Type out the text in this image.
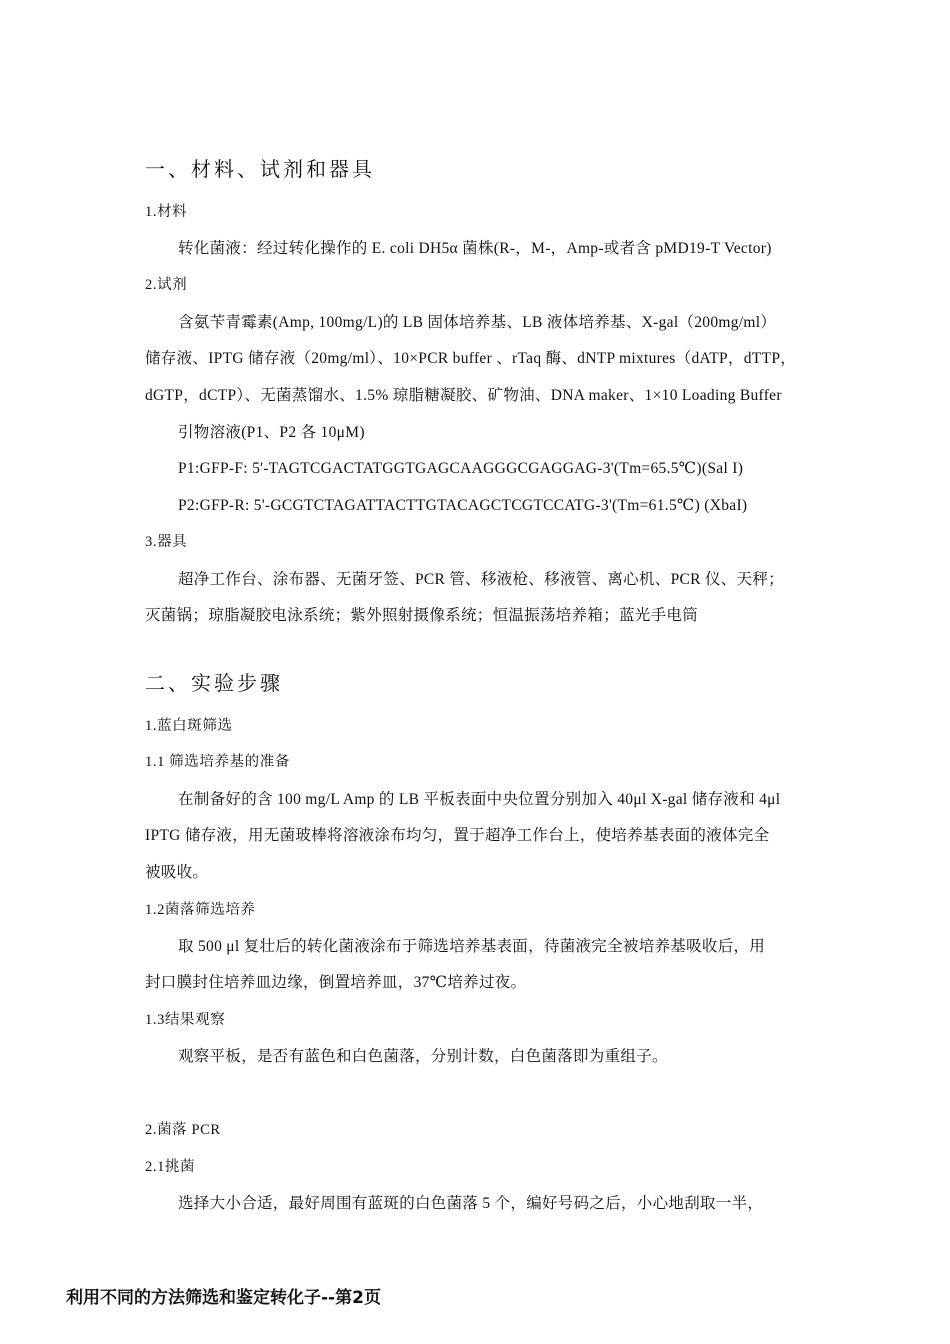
一、材料、试剂和器具
1.材料
转化菌液：经过转化操作的 E. coli DH5α 菌株(R-，M-，Amp-或者含 pMD19-T Vector)
2.试剂
含氨苄青霉素(Amp, 100mg/L)的 LB 固体培养基、LB 液体培养基、X-gal（200mg/ml）
储存液、IPTG 储存液（20mg/ml）、10×PCR buffer 、rTaq 酶、dNTP mixtures（dATP，dTTP，
dGTP，dCTP）、无菌蒸馏水、1.5% 琼脂糖凝胶、矿物油、DNA maker、1×10 Loading Buffer
引物溶液(P1、P2 各 10μM)
P1:GFP-F: 5'-TAGTCGACTATGGTGAGCAAGGGCGAGGAG-3'(Tm=65.5℃)(Sal I)
P2:GFP-R: 5'-GCGTCTAGATTACTTGTACAGCTCGTCCATG-3'(Tm=61.5℃) (XbaI)
3.器具
超净工作台、涂布器、无菌牙签、PCR 管、移液枪、移液管、离心机、PCR 仪、天秤；
灭菌锅；琼脂凝胶电泳系统；紫外照射摄像系统；恒温振荡培养箱；蓝光手电筒
二、实验步骤
1.蓝白斑筛选
1.1 筛选培养基的准备
在制备好的含 100 mg/L Amp 的 LB 平板表面中央位置分别加入 40μl X-gal 储存液和 4μl
IPTG 储存液，用无菌玻棒将溶液涂布均匀，置于超净工作台上，使培养基表面的液体完全
被吸收。
1.2菌落筛选培养
取 500 μl 复壮后的转化菌液涂布于筛选培养基表面，待菌液完全被培养基吸收后，用
封口膜封住培养皿边缘，倒置培养皿，37℃培养过夜。
1.3结果观察
观察平板，是否有蓝色和白色菌落，分别计数，白色菌落即为重组子。
2.菌落 PCR
2.1挑菌
选择大小合适，最好周围有蓝斑的白色菌落 5 个，编好号码之后，小心地刮取一半，
利用不同的方法筛选和鉴定转化子--第2页
